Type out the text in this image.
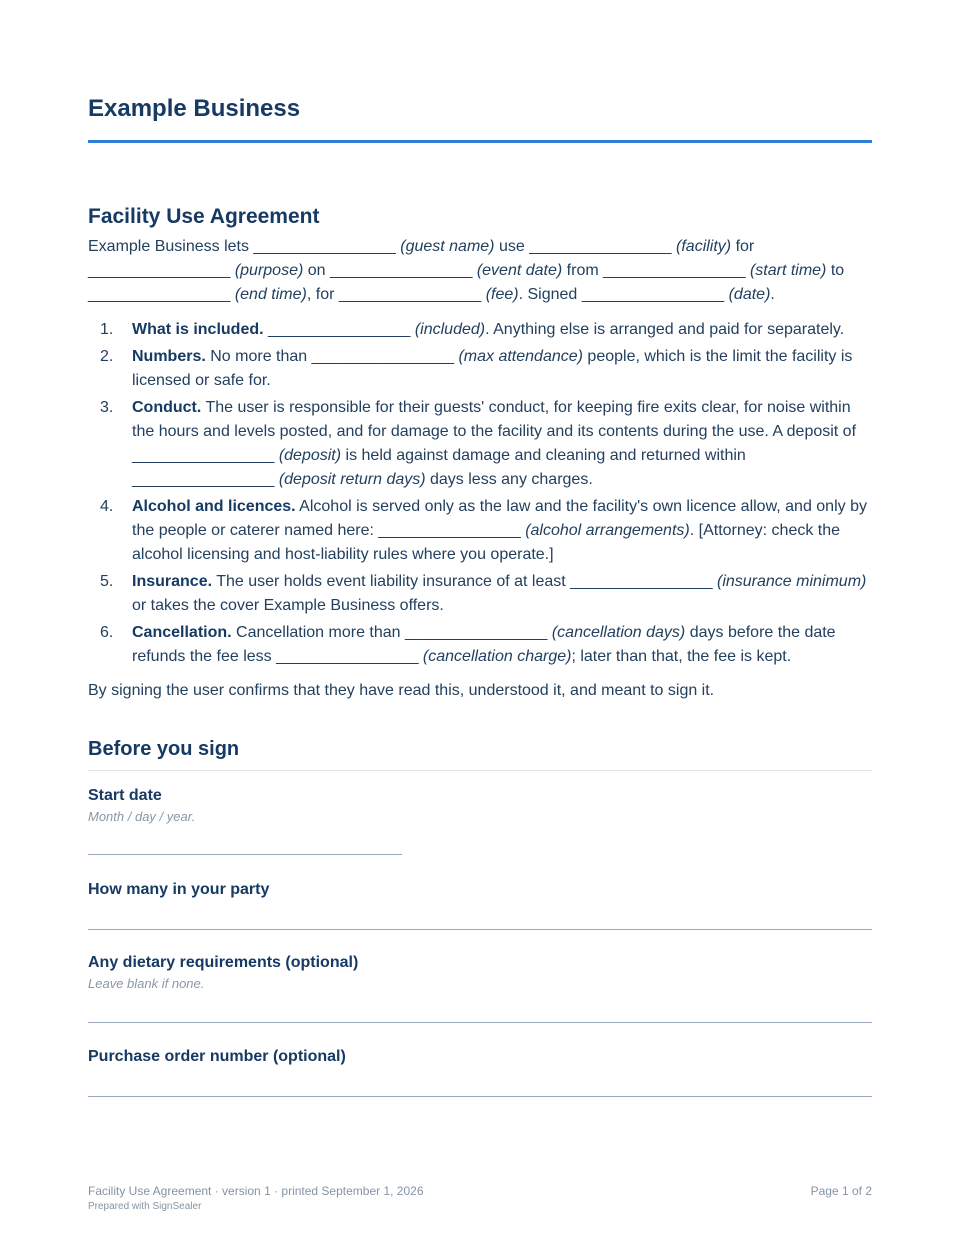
Example Business
Facility Use Agreement

Example Business lets ________________ (guest name) use ________________ (facility) for ________________ (purpose) on ________________ (event date) from ________________ (start time) to ________________ (end time), for ________________ (fee). Signed ________________ (date).

1. What is included. ________________ (included). Anything else is arranged and paid for separately.
2. Numbers. No more than ________________ (max attendance) people, which is the limit the facility is licensed or safe for.
3. Conduct. The user is responsible for their guests' conduct, for keeping fire exits clear, for noise within the hours and levels posted, and for damage to the facility and its contents during the use. A deposit of ________________ (deposit) is held against damage and cleaning and returned within ________________ (deposit return days) days less any charges.
4. Alcohol and licences. Alcohol is served only as the law and the facility's own licence allow, and only by the people or caterer named here: ________________ (alcohol arrangements). [Attorney: check the alcohol licensing and host-liability rules where you operate.]
5. Insurance. The user holds event liability insurance of at least ________________ (insurance minimum) or takes the cover Example Business offers.
6. Cancellation. Cancellation more than ________________ (cancellation days) days before the date refunds the fee less ________________ (cancellation charge); later than that, the fee is kept.

By signing the user confirms that they have read this, understood it, and meant to sign it.

Before you sign
Start date
Month / day / year.
How many in your party
Any dietary requirements (optional)
Leave blank if none.
Purchase order number (optional)
Facility Use Agreement · version 1 · printed September 1, 2026
Prepared with SignSealer
Page 1 of 2
